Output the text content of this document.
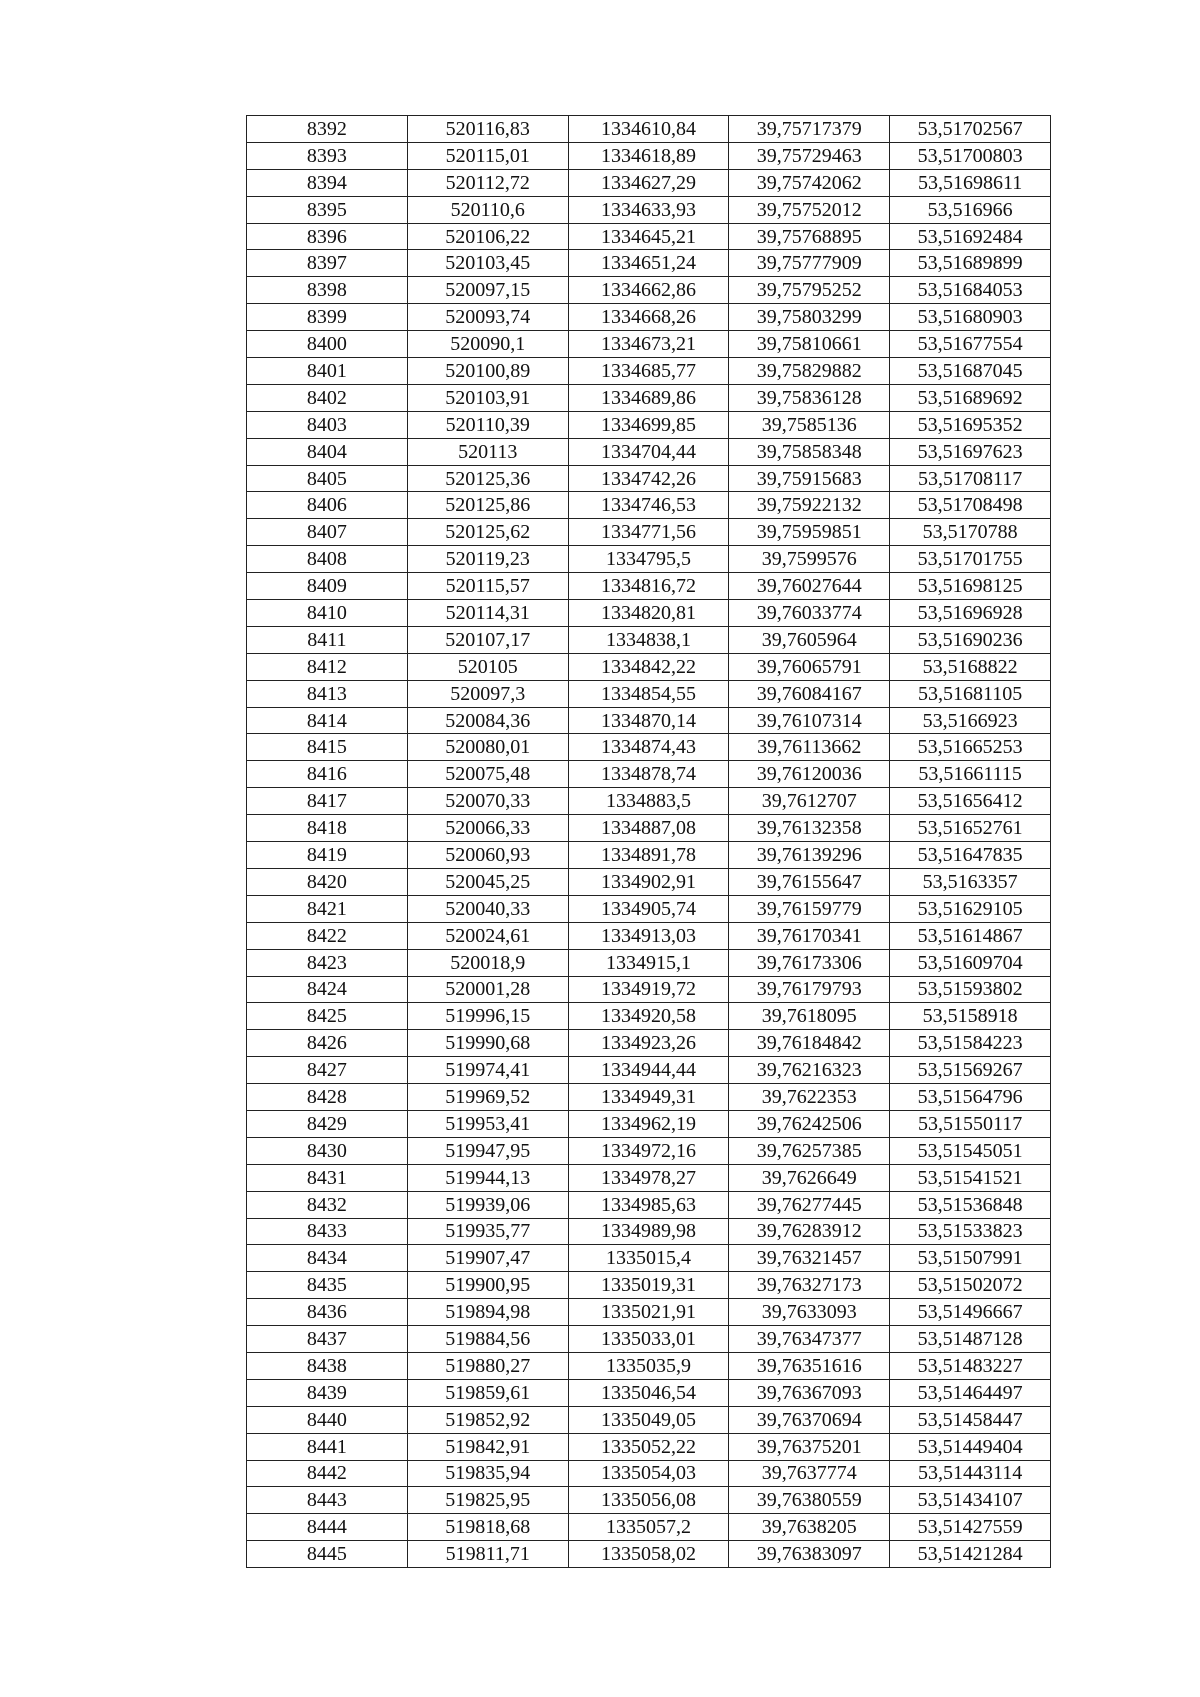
8392	520116,83	1334610,84	39,75717379	53,51702567
8393	520115,01	1334618,89	39,75729463	53,51700803
8394	520112,72	1334627,29	39,75742062	53,51698611
8395	520110,6	1334633,93	39,75752012	53,516966
8396	520106,22	1334645,21	39,75768895	53,51692484
8397	520103,45	1334651,24	39,75777909	53,51689899
8398	520097,15	1334662,86	39,75795252	53,51684053
8399	520093,74	1334668,26	39,75803299	53,51680903
8400	520090,1	1334673,21	39,75810661	53,51677554
8401	520100,89	1334685,77	39,75829882	53,51687045
8402	520103,91	1334689,86	39,75836128	53,51689692
8403	520110,39	1334699,85	39,7585136	53,51695352
8404	520113	1334704,44	39,75858348	53,51697623
8405	520125,36	1334742,26	39,75915683	53,51708117
8406	520125,86	1334746,53	39,75922132	53,51708498
8407	520125,62	1334771,56	39,75959851	53,5170788
8408	520119,23	1334795,5	39,7599576	53,51701755
8409	520115,57	1334816,72	39,76027644	53,51698125
8410	520114,31	1334820,81	39,76033774	53,51696928
8411	520107,17	1334838,1	39,7605964	53,51690236
8412	520105	1334842,22	39,76065791	53,5168822
8413	520097,3	1334854,55	39,76084167	53,51681105
8414	520084,36	1334870,14	39,76107314	53,5166923
8415	520080,01	1334874,43	39,76113662	53,51665253
8416	520075,48	1334878,74	39,76120036	53,51661115
8417	520070,33	1334883,5	39,7612707	53,51656412
8418	520066,33	1334887,08	39,76132358	53,51652761
8419	520060,93	1334891,78	39,76139296	53,51647835
8420	520045,25	1334902,91	39,76155647	53,5163357
8421	520040,33	1334905,74	39,76159779	53,51629105
8422	520024,61	1334913,03	39,76170341	53,51614867
8423	520018,9	1334915,1	39,76173306	53,51609704
8424	520001,28	1334919,72	39,76179793	53,51593802
8425	519996,15	1334920,58	39,7618095	53,5158918
8426	519990,68	1334923,26	39,76184842	53,51584223
8427	519974,41	1334944,44	39,76216323	53,51569267
8428	519969,52	1334949,31	39,7622353	53,51564796
8429	519953,41	1334962,19	39,76242506	53,51550117
8430	519947,95	1334972,16	39,76257385	53,51545051
8431	519944,13	1334978,27	39,7626649	53,51541521
8432	519939,06	1334985,63	39,76277445	53,51536848
8433	519935,77	1334989,98	39,76283912	53,51533823
8434	519907,47	1335015,4	39,76321457	53,51507991
8435	519900,95	1335019,31	39,76327173	53,51502072
8436	519894,98	1335021,91	39,7633093	53,51496667
8437	519884,56	1335033,01	39,76347377	53,51487128
8438	519880,27	1335035,9	39,76351616	53,51483227
8439	519859,61	1335046,54	39,76367093	53,51464497
8440	519852,92	1335049,05	39,76370694	53,51458447
8441	519842,91	1335052,22	39,76375201	53,51449404
8442	519835,94	1335054,03	39,7637774	53,51443114
8443	519825,95	1335056,08	39,76380559	53,51434107
8444	519818,68	1335057,2	39,7638205	53,51427559
8445	519811,71	1335058,02	39,76383097	53,51421284
